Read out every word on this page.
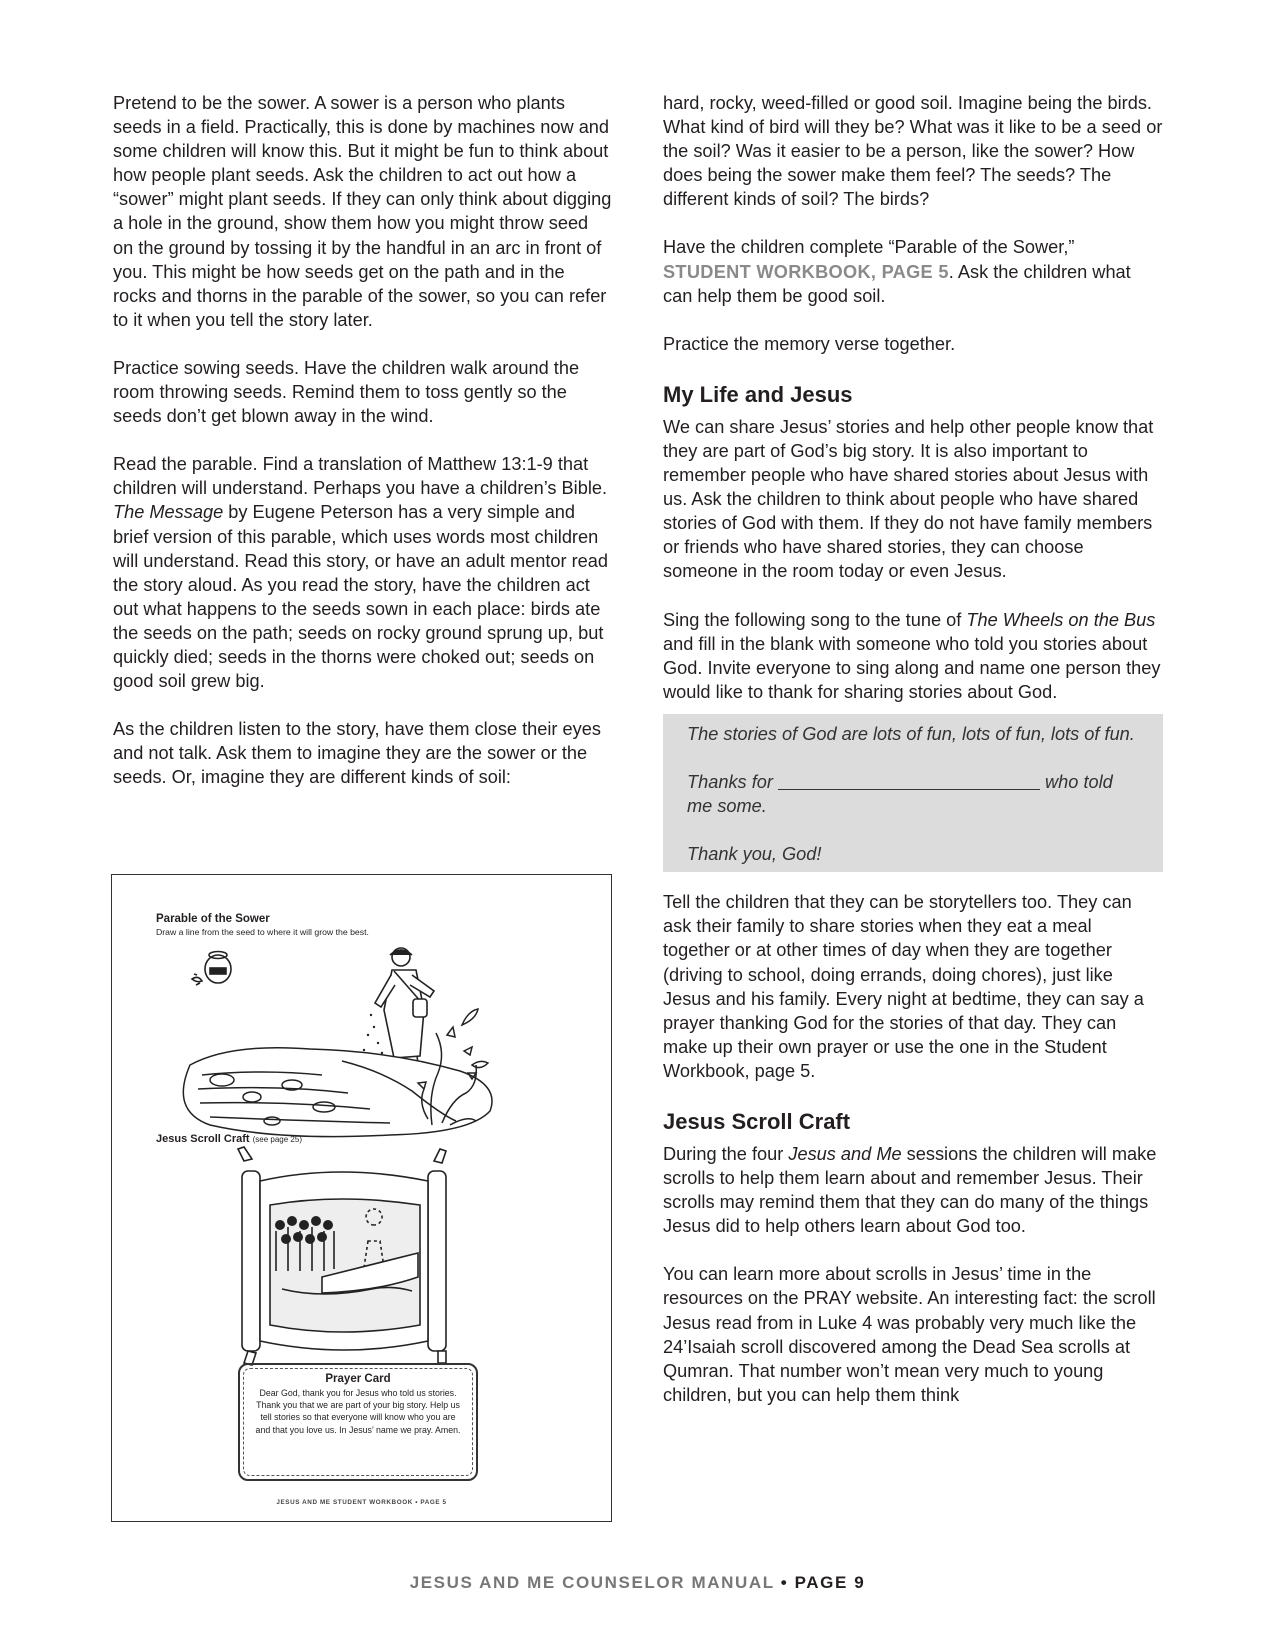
Pretend to be the sower. A sower is a person who plants seeds in a field. Practically, this is done by machines now and some children will know this. But it might be fun to think about how people plant seeds. Ask the children to act out how a “sower” might plant seeds. If they can only think about digging a hole in the ground, show them how you might throw seed on the ground by tossing it by the handful in an arc in front of you. This might be how seeds get on the path and in the rocks and thorns in the parable of the sower, so you can refer to it when you tell the story later.

Practice sowing seeds. Have the children walk around the room throwing seeds. Remind them to toss gently so the seeds don’t get blown away in the wind.

Read the parable. Find a translation of Matthew 13:1-9 that children will understand. Perhaps you have a children’s Bible. The Message by Eugene Peterson has a very simple and brief version of this parable, which uses words most children will understand. Read this story, or have an adult mentor read the story aloud. As you read the story, have the children act out what happens to the seeds sown in each place: birds ate the seeds on the path; seeds on rocky ground sprung up, but quickly died; seeds in the thorns were choked out; seeds on good soil grew big.

As the children listen to the story, have them close their eyes and not talk. Ask them to imagine they are the sower or the seeds. Or, imagine they are different kinds of soil:

Parable of the Sower
Draw a line from the seed to where it will grow the best.
Jesus Scroll Craft (see page 25)
Prayer Card
Dear God, thank you for Jesus who told us stories. Thank you that we are part of your big story. Help us tell stories so that everyone will know who you are and that you love us. In Jesus’ name we pray. Amen.
JESUS AND ME STUDENT WORKBOOK • PAGE 5

hard, rocky, weed-filled or good soil. Imagine being the birds. What kind of bird will they be? What was it like to be a seed or the soil? Was it easier to be a person, like the sower? How does being the sower make them feel? The seeds? The different kinds of soil? The birds?

Have the children complete “Parable of the Sower,” STUDENT WORKBOOK, PAGE 5. Ask the children what can help them be good soil.

Practice the memory verse together.

My Life and Jesus

We can share Jesus’ stories and help other people know that they are part of God’s big story. It is also important to remember people who have shared stories about Jesus with us. Ask the children to think about people who have shared stories of God with them. If they do not have family members or friends who have shared stories, they can choose someone in the room today or even Jesus.

Sing the following song to the tune of The Wheels on the Bus and fill in the blank with someone who told you stories about God. Invite everyone to sing along and name one person they would like to thank for sharing stories about God.

The stories of God are lots of fun, lots of fun, lots of fun.

Thanks for	who told me some.

Thank you, God!

Tell the children that they can be storytellers too. They can ask their family to share stories when they eat a meal together or at other times of day when they are together (driving to school, doing errands, doing chores), just like Jesus and his family. Every night at bedtime, they can say a prayer thanking God for the stories of that day. They can make up their own prayer or use the one in the Student Workbook, page 5.

Jesus Scroll Craft

During the four Jesus and Me sessions the children will make scrolls to help them learn about and remember Jesus. Their scrolls may remind them that they can do many of the things Jesus did to help others learn about God too.

You can learn more about scrolls in Jesus’ time in the resources on the PRAY website. An interesting fact: the scroll Jesus read from in Luke 4 was probably very much like the 24’Isaiah scroll discovered among the Dead Sea scrolls at Qumran. That number won’t mean very much to young children, but you can help them think

JESUS AND ME COUNSELOR MANUAL • PAGE 9
